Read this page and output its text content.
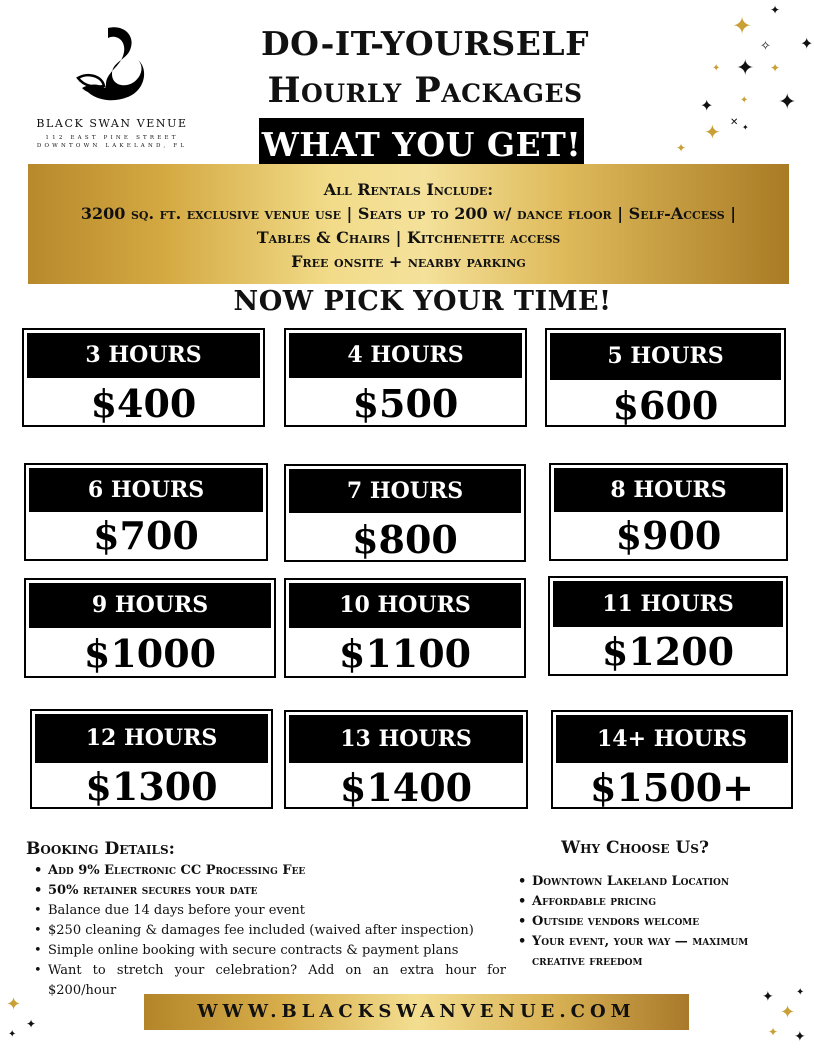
BLACK SWAN VENUE
112 EAST PINE STREET
DOWNTOWN LAKELAND, FL
✦
✦
✦
✧
✦
✦	✦
✦
✦	✦
✦ ✕ ✦
✦
DO-IT-YOURSELF
Hourly Packages
WHAT YOU GET!
All Rentals Include:
3200 sq. ft. exclusive venue use | Seats up to 200 w/ dance floor | Self-Access |
Tables & Chairs | Kitchenette access
Free onsite + nearby parking
NOW PICK YOUR TIME!
3 HOURS
$400
4 HOURS
$500
5 HOURS
$600
6 HOURS
$700
7 HOURS
$800
8 HOURS
$900
9 HOURS
$1000
10 HOURS
$1100
11 HOURS
$1200
12 HOURS
$1300
13 HOURS
$1400
14+ HOURS
$1500+
Booking Details:
• Add 9% Electronic CC Processing Fee
• 50% retainer secures your date
• Balance due 14 days before your event
• $250 cleaning & damages fee included (waived after inspection)
• Simple online booking with secure contracts & payment plans
• Want to stretch your celebration? Add on an extra hour for $200/hour
Why Choose Us?
• Downtown Lakeland Location
• Affordable pricing
• Outside vendors welcome
• Your event, your way — maximum creative freedom
WWW.BLACKSWANVENUE.COM
✦
✦
✦
✦
✦
✦
✦ ✦
